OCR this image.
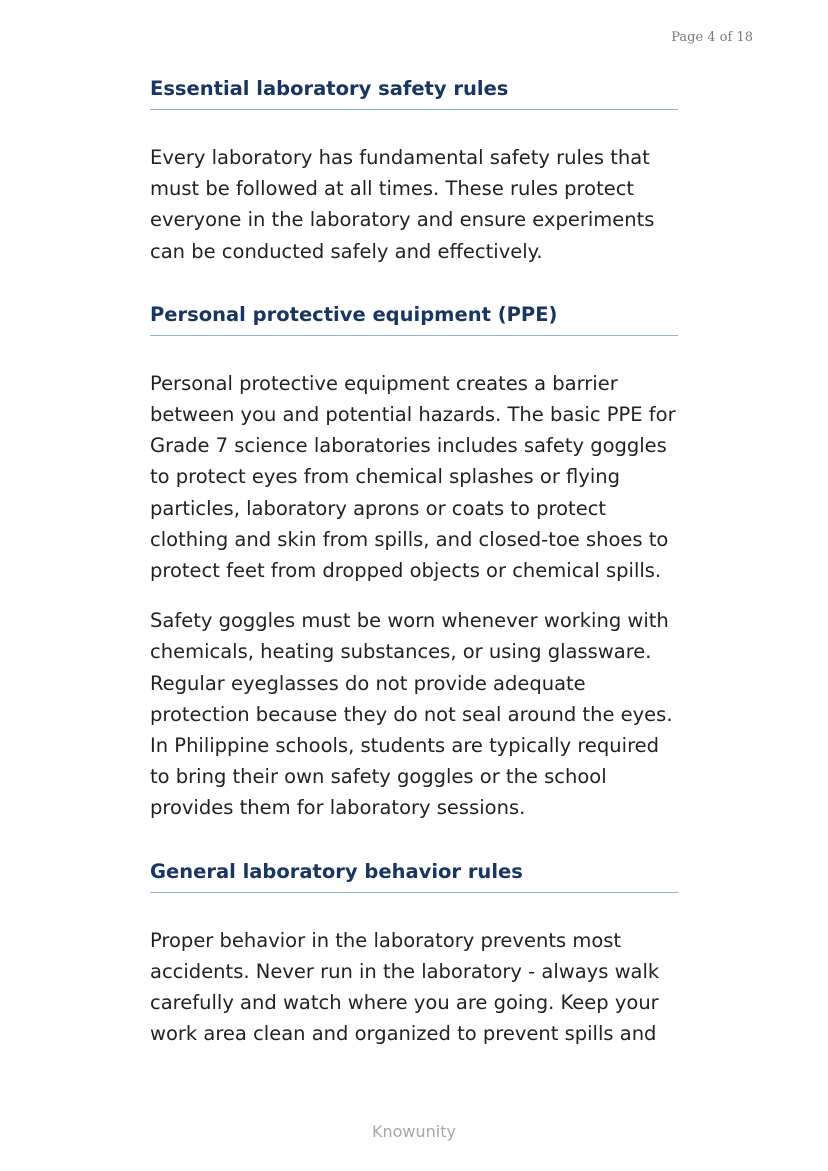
Page 4 of 18
Essential laboratory safety rules

Every laboratory has fundamental safety rules that must be followed at all times. These rules protect everyone in the laboratory and ensure experiments can be conducted safely and effectively.

Personal protective equipment (PPE)

Personal protective equipment creates a barrier between you and potential hazards. The basic PPE for Grade 7 science laboratories includes safety goggles to protect eyes from chemical splashes or flying particles, laboratory aprons or coats to protect clothing and skin from spills, and closed-toe shoes to protect feet from dropped objects or chemical spills.

Safety goggles must be worn whenever working with chemicals, heating substances, or using glassware. Regular eyeglasses do not provide adequate protection because they do not seal around the eyes. In Philippine schools, students are typically required to bring their own safety goggles or the school provides them for laboratory sessions.

General laboratory behavior rules

Proper behavior in the laboratory prevents most accidents. Never run in the laboratory - always walk carefully and watch where you are going. Keep your work area clean and organized to prevent spills and

Knowunity
